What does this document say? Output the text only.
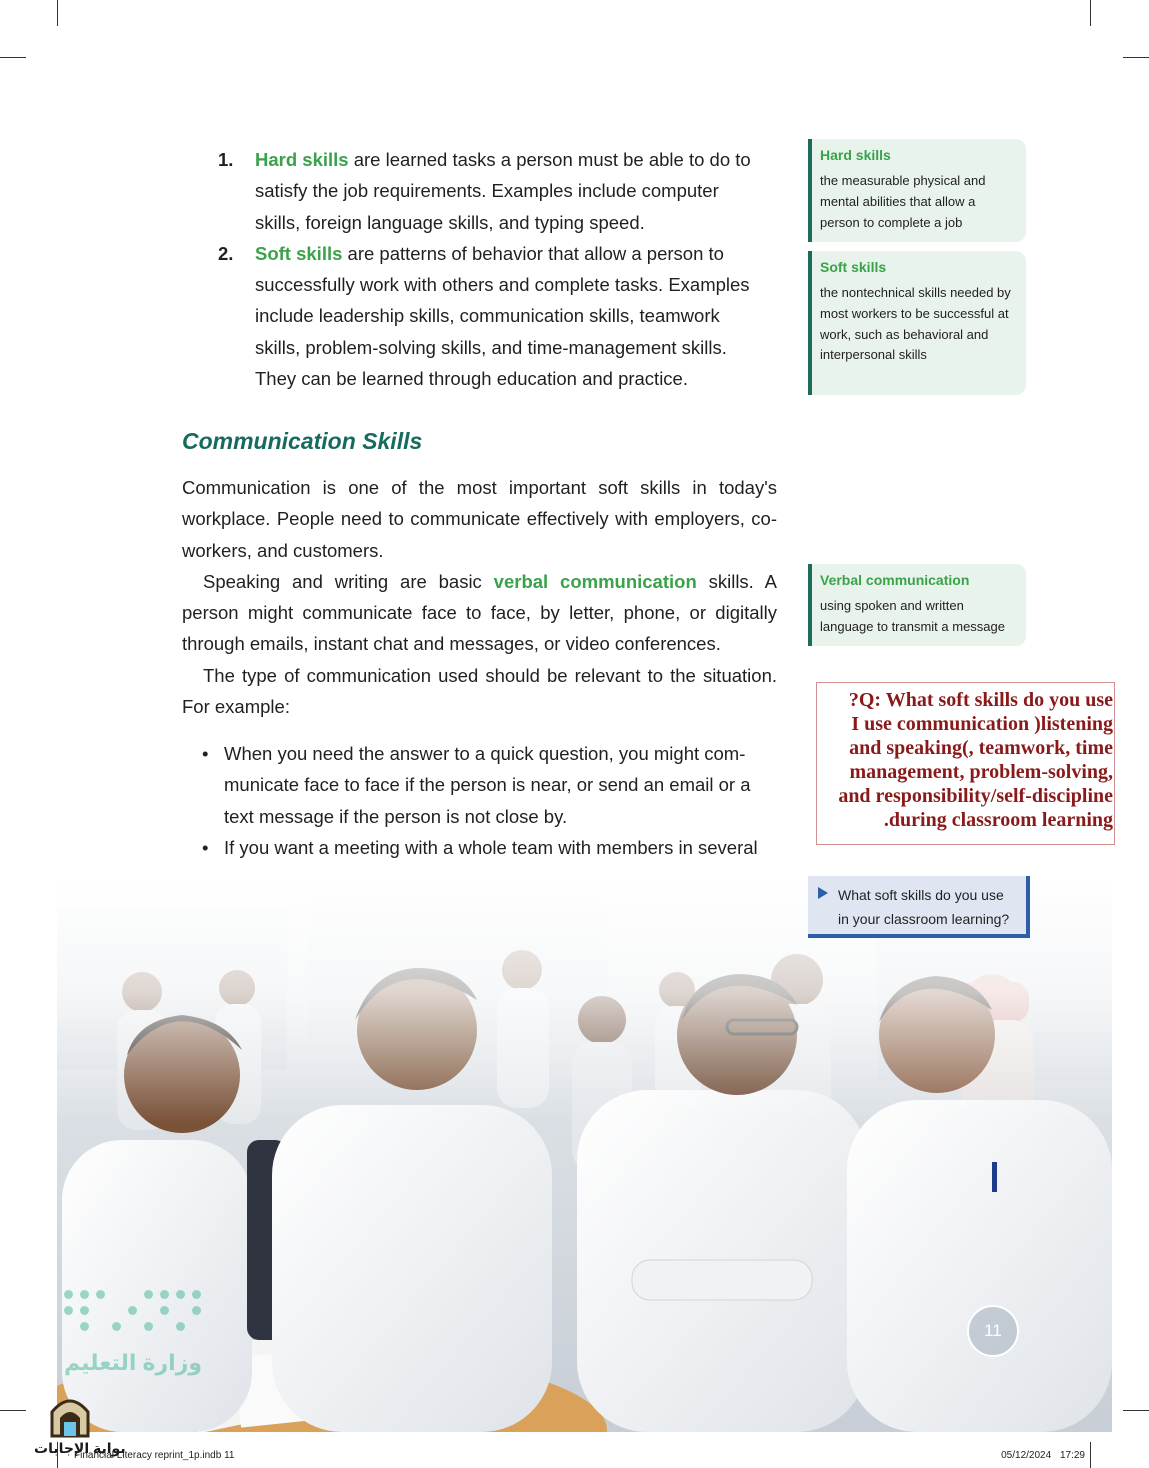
1. Hard skills are learned tasks a person must be able to do to satisfy the job requirements. Examples include computer skills, foreign language skills, and typing speed.
2. Soft skills are patterns of behavior that allow a person to successfully work with others and complete tasks. Examples include leadership skills, communication skills, teamwork skills, problem-solving skills, and time-management skills. They can be learned through education and practice.
Communication Skills

Communication is one of the most important soft skills in today's workplace. People need to communicate effectively with employers, co-workers, and customers.

Speaking and writing are basic verbal communication skills. A person might communicate face to face, by letter, phone, or digitally through emails, instant chat and messages, or video conferences.

The type of communication used should be relevant to the situation. For example:

• When you need the answer to a quick question, you might com-municate face to face if the person is near, or send an email or a text message if the person is not close by.
• If you want a meeting with a whole team with members in several
Hard skills
the measurable physical and mental abilities that allow a person to complete a job
Soft skills
the nontechnical skills needed by most workers to be successful at work, such as behavioral and interpersonal skills
Verbal communication
using spoken and written language to transmit a message
?Q: What soft skills do you use
I use communication )listening
and speaking(, teamwork, time
management, problem-solving,
and responsibility/self-discipline
.during classroom learning
What soft skills do you use in your classroom learning?
11
وزارة التعليم
بوابة الإجابات
Financial Literacy reprint_1p.indb 11	05/12/2024 17:29
